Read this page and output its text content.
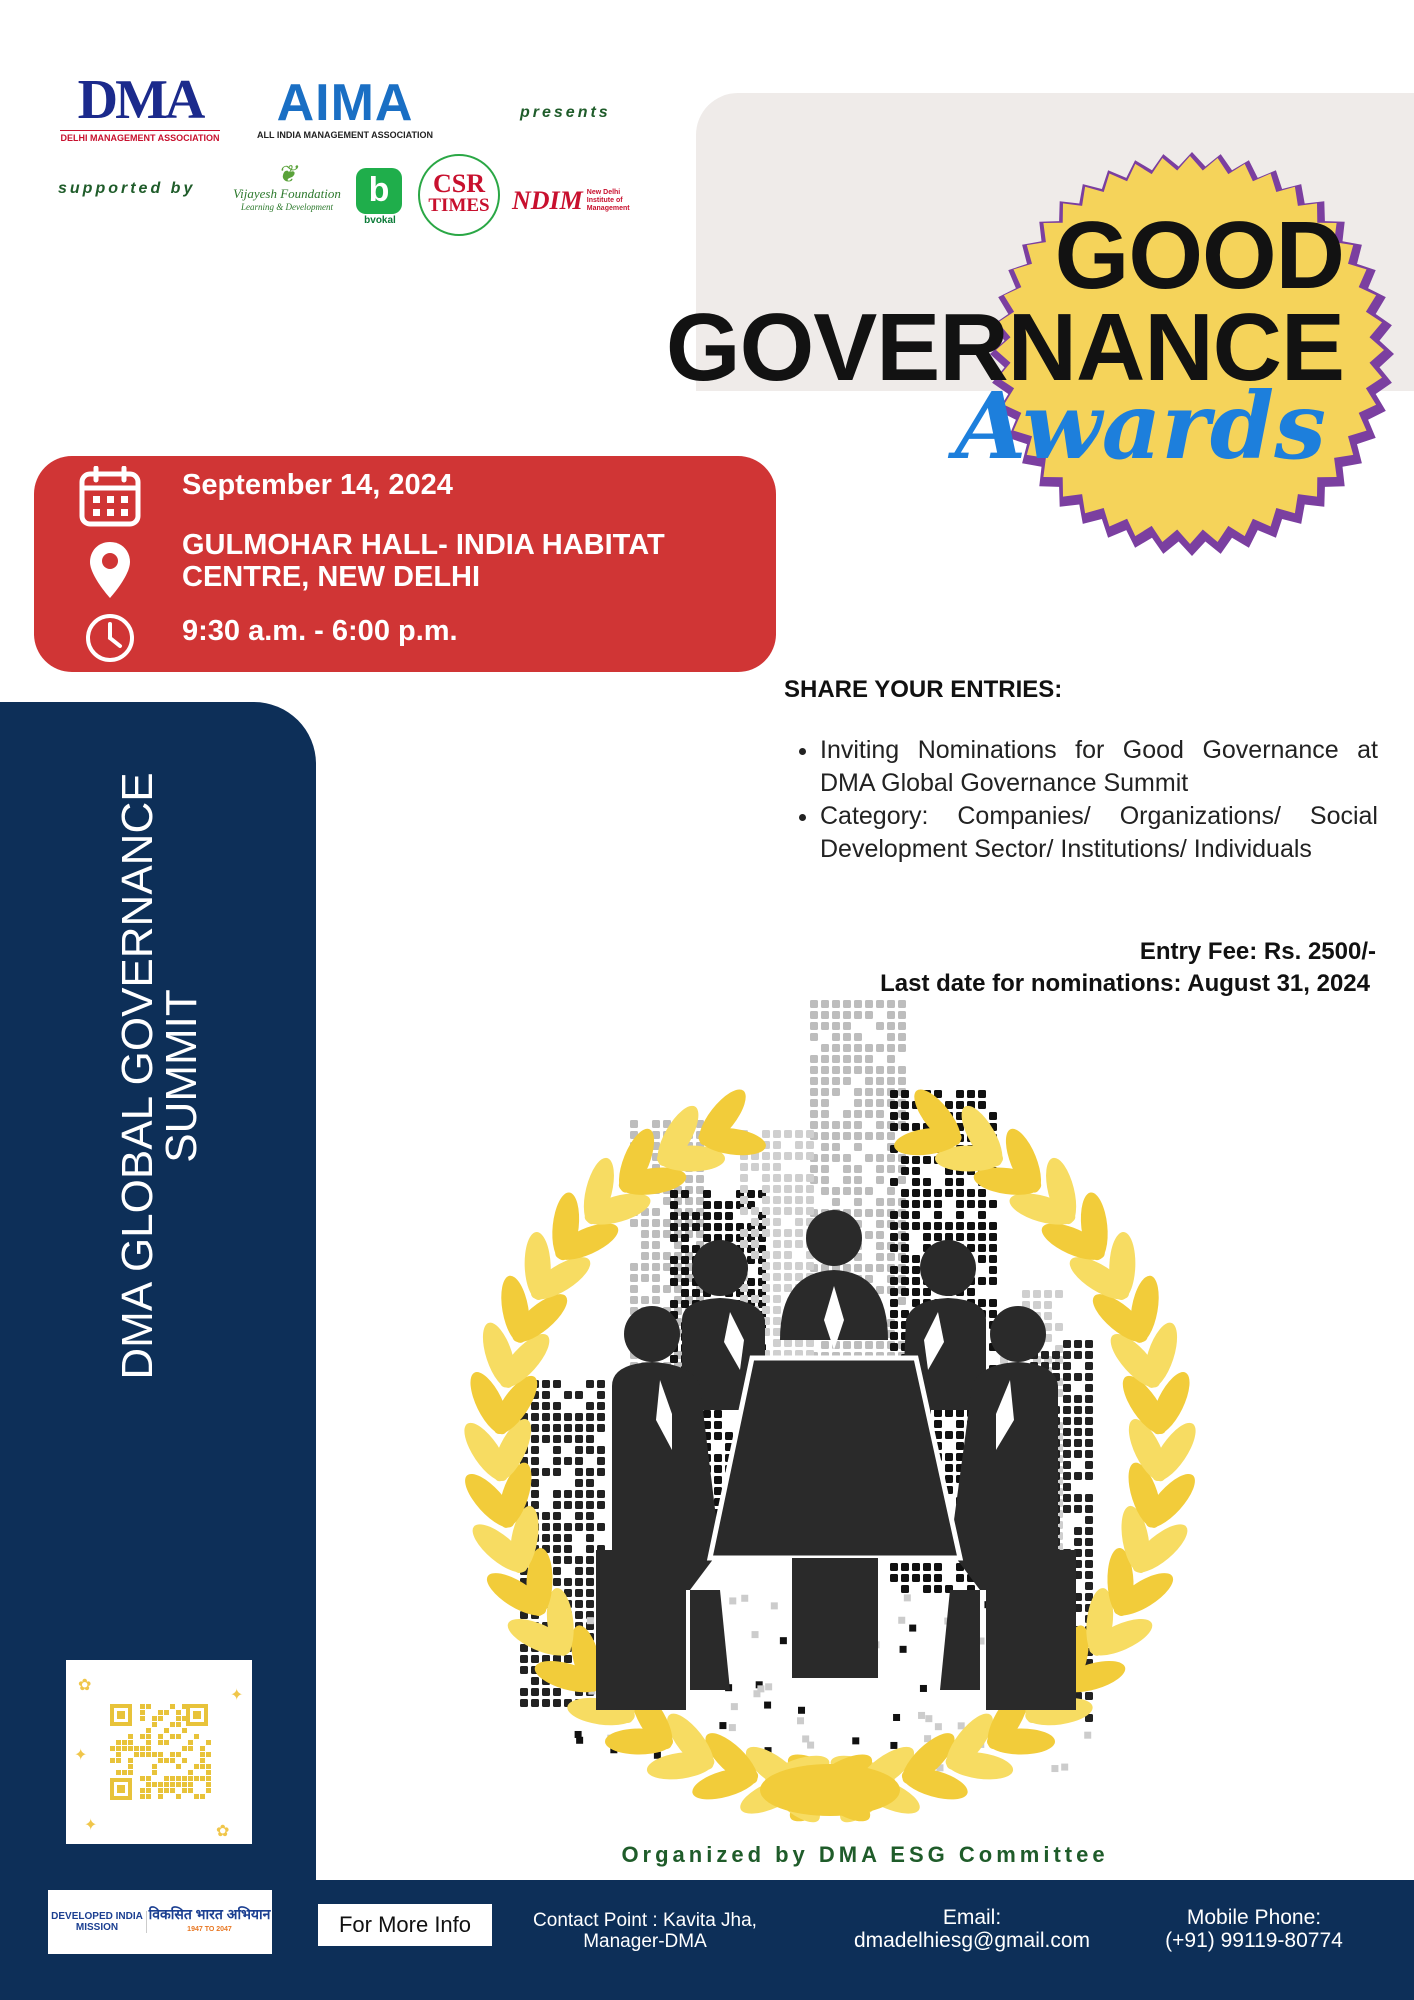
DMA
DELHI MANAGEMENT ASSOCIATION
AIMA
ALL INDIA MANAGEMENT ASSOCIATION
presents
supported by
❦
Vijayesh Foundation
Learning & Development	b
bvokal
CSR
TIMES NDIM New Delhi Institute of Management	GOOD
GOVERNANCE
Awards
September 14, 2024
GULMOHAR HALL- INDIA HABITAT
CENTRE, NEW DELHI
9:30 a.m. - 6:00 p.m.
DMA GLOBAL GOVERNANCE
SUMMIT
✿
✿
✦
✦
✦
SHARE YOUR ENTRIES:
• Inviting Nominations for Good Governance at DMA Global Governance Summit
• Category: Companies/ Organizations/ Social Development Sector/ Institutions/ Individuals
Entry Fee: Rs. 2500/-
Last date for nominations: August 31, 2024
Organized by DMA ESG Committee
DEVELOPED INDIA MISSION
विकसित भारत अभियान
1947 TO 2047	For More Info	Contact Point : Kavita Jha,
Manager-DMA
Email:
dmadelhiesg@gmail.com
Mobile Phone:
(+91) 99119-80774
